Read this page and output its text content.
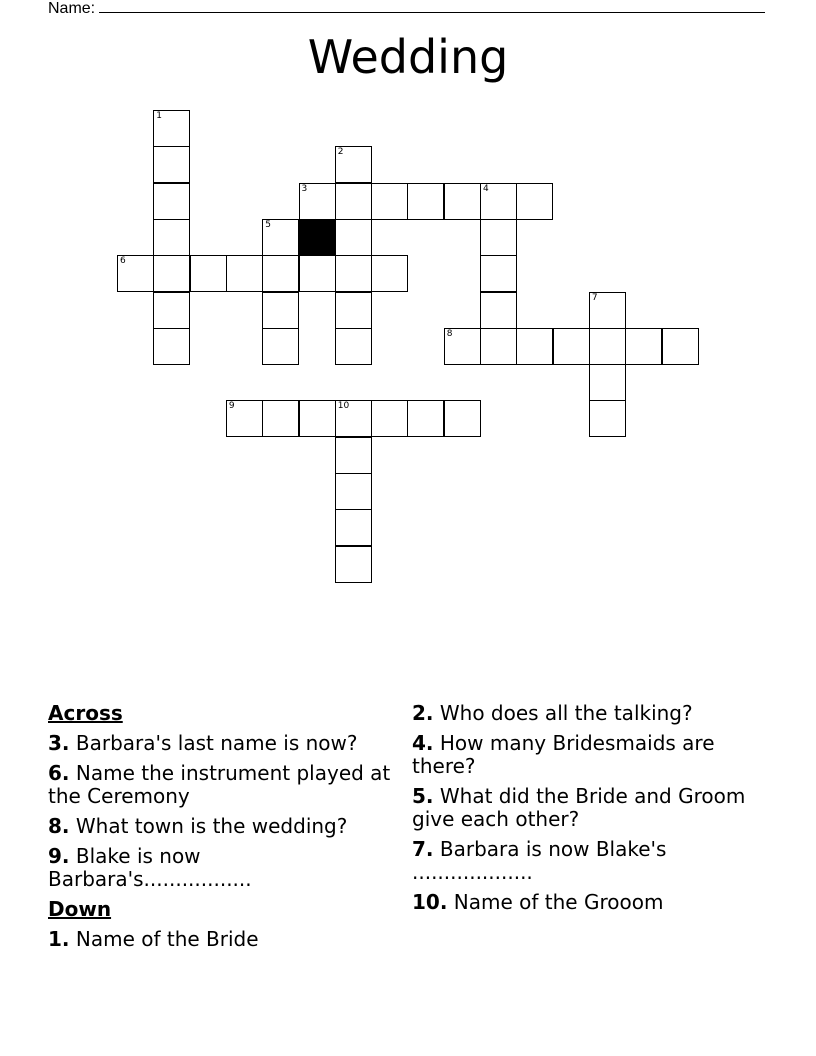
Name:
Wedding
1
2
3	4
5
6
7
8
9	10
Across
3. Barbara's last name is now?
6. Name the instrument played at the Ceremony
8. What town is the wedding?
9. Blake is now Barbara's.................
Down
1. Name of the Bride
2. Who does all the talking?
4. How many Bridesmaids are there?
5. What did the Bride and Groom give each other?
7. Barbara is now Blake's ...................
10. Name of the Grooom
